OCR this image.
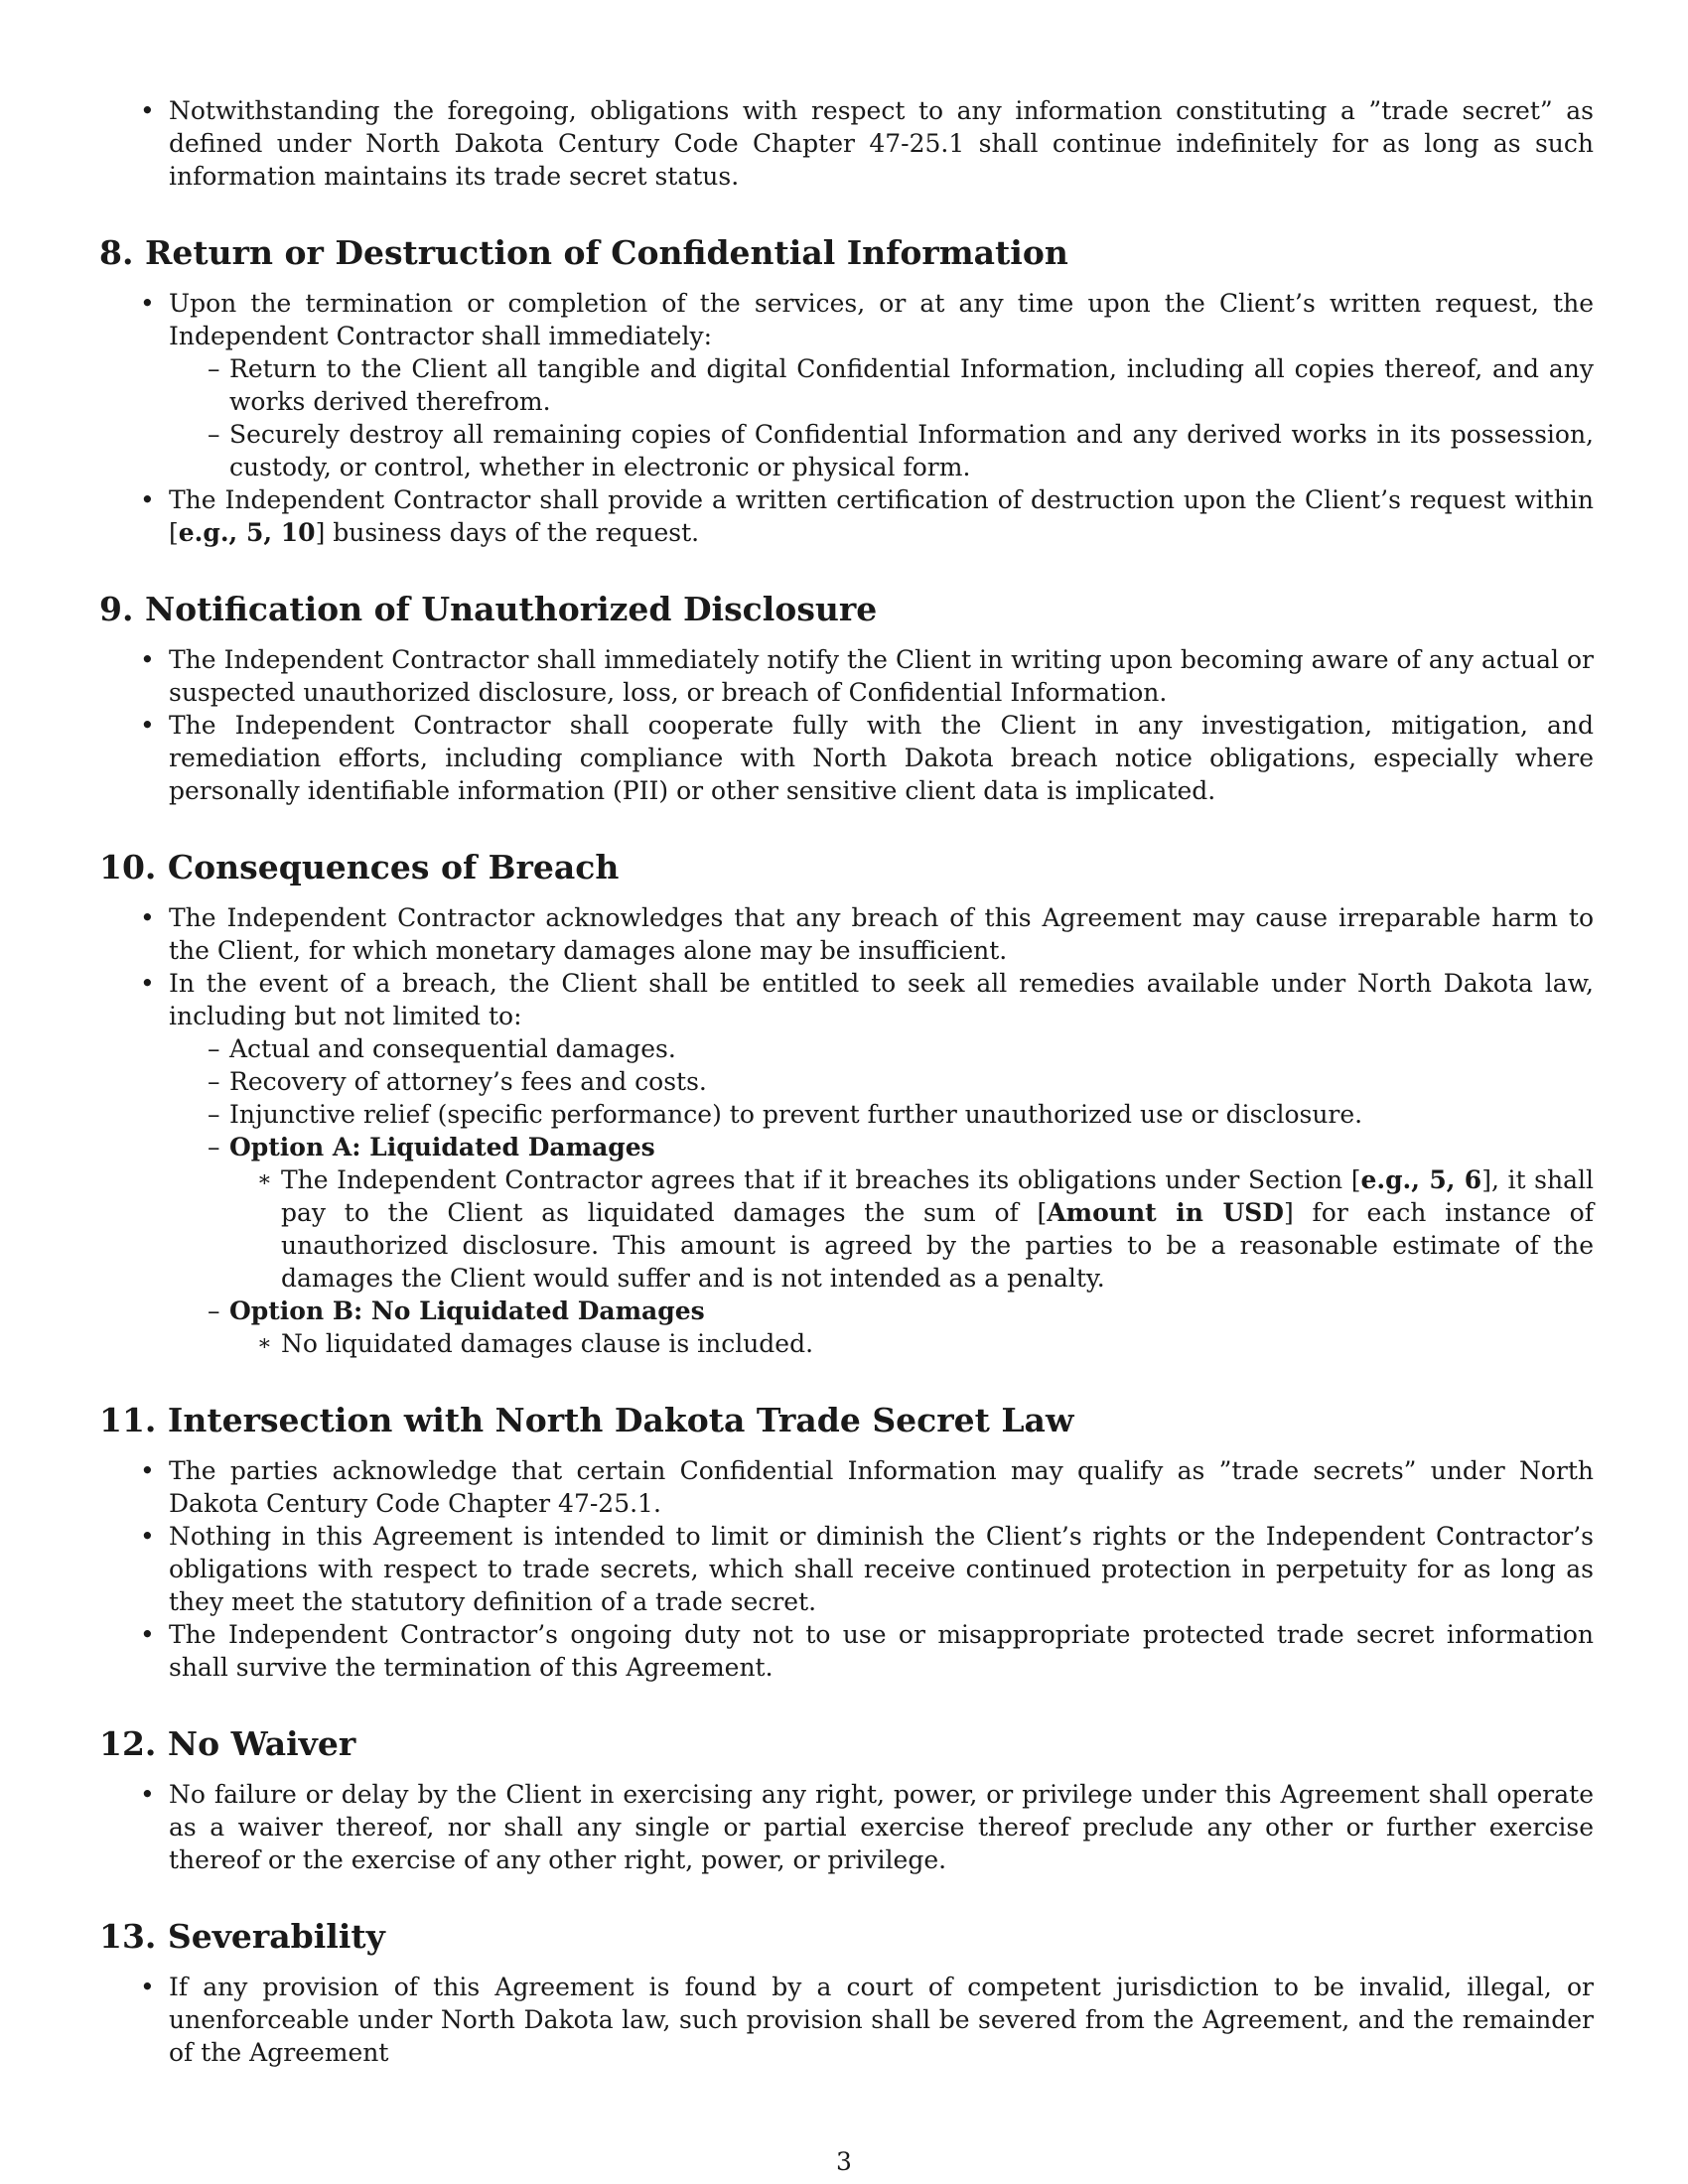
• Notwithstanding the foregoing, obligations with respect to any information constituting a ”trade secret” as defined under North Dakota Century Code Chapter 47-25.1 shall continue indefinitely for as long as such information maintains its trade secret status.
8. Return or Destruction of Confidential Information
• Upon the termination or completion of the services, or at any time upon the Client’s written request, the Independent Contractor shall immediately:
– Return to the Client all tangible and digital Confidential Information, including all copies thereof, and any works derived therefrom.
– Securely destroy all remaining copies of Confidential Information and any derived works in its possession, custody, or control, whether in electronic or physical form.
• The Independent Contractor shall provide a written certification of destruction upon the Client’s request within [e.g., 5, 10] business days of the request.
9. Notification of Unauthorized Disclosure
• The Independent Contractor shall immediately notify the Client in writing upon becoming aware of any actual or suspected unauthorized disclosure, loss, or breach of Confidential Information.
• The Independent Contractor shall cooperate fully with the Client in any investigation, mitigation, and remediation efforts, including compliance with North Dakota breach notice obligations, especially where personally identifiable information (PII) or other sensitive client data is implicated.
10. Consequences of Breach
• The Independent Contractor acknowledges that any breach of this Agreement may cause irreparable harm to the Client, for which monetary damages alone may be insufficient.
• In the event of a breach, the Client shall be entitled to seek all remedies available under North Dakota law, including but not limited to:
– Actual and consequential damages.
– Recovery of attorney’s fees and costs.
– Injunctive relief (specific performance) to prevent further unauthorized use or disclosure.
– Option A: Liquidated Damages
∗ The Independent Contractor agrees that if it breaches its obligations under Section [e.g., 5, 6], it shall pay to the Client as liquidated damages the sum of [Amount in USD] for each instance of unauthorized disclosure. This amount is agreed by the parties to be a reasonable estimate of the damages the Client would suffer and is not intended as a penalty.
– Option B: No Liquidated Damages
∗ No liquidated damages clause is included.
11. Intersection with North Dakota Trade Secret Law
• The parties acknowledge that certain Confidential Information may qualify as ”trade secrets” under North Dakota Century Code Chapter 47-25.1.
• Nothing in this Agreement is intended to limit or diminish the Client’s rights or the Independent Contractor’s obligations with respect to trade secrets, which shall receive continued protection in perpetuity for as long as they meet the statutory definition of a trade secret.
• The Independent Contractor’s ongoing duty not to use or misappropriate protected trade secret information shall survive the termination of this Agreement.
12. No Waiver
• No failure or delay by the Client in exercising any right, power, or privilege under this Agreement shall operate as a waiver thereof, nor shall any single or partial exercise thereof preclude any other or further exercise thereof or the exercise of any other right, power, or privilege.
13. Severability
• If any provision of this Agreement is found by a court of competent jurisdiction to be invalid, illegal, or unenforceable under North Dakota law, such provision shall be severed from the Agreement, and the remainder of the Agreement
3
